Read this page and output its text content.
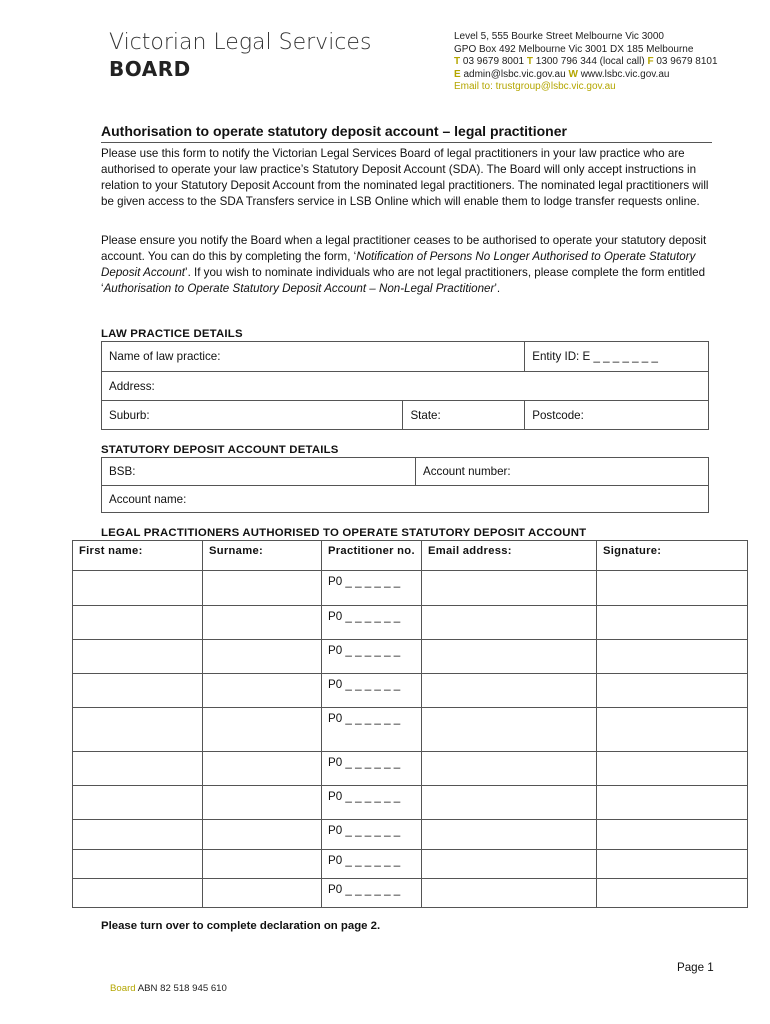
Victorian Legal Services
BOARD
Level 5, 555 Bourke Street Melbourne Vic 3000
GPO Box 492 Melbourne Vic 3001 DX 185 Melbourne
T 03 9679 8001 T 1300 796 344 (local call) F 03 9679 8101
E admin@lsbc.vic.gov.au W www.lsbc.vic.gov.au
Email to: trustgroup@lsbc.vic.gov.au
Authorisation to operate statutory deposit account – legal practitioner
Please use this form to notify the Victorian Legal Services Board of legal practitioners in your law practice who are authorised to operate your law practice’s Statutory Deposit Account (SDA). The Board will only accept instructions in relation to your Statutory Deposit Account from the nominated legal practitioners. The nominated legal practitioners will be given access to the SDA Transfers service in LSB Online which will enable them to lodge transfer requests online.
Please ensure you notify the Board when a legal practitioner ceases to be authorised to operate your statutory deposit account. You can do this by completing the form, ‘Notification of Persons No Longer Authorised to Operate Statutory Deposit Account’. If you wish to nominate individuals who are not legal practitioners, please complete the form entitled ‘Authorisation to Operate Statutory Deposit Account – Non-Legal Practitioner’.
LAW PRACTICE DETAILS
Name of law practice:		Entity ID: E _ _ _ _ _ _ _
Address:		
Suburb:	State:	Postcode:
STATUTORY DEPOSIT ACCOUNT DETAILS
BSB:	Account number:
Account name:
LEGAL PRACTITIONERS AUTHORISED TO OPERATE STATUTORY DEPOSIT ACCOUNT
First name:	Surname:	Practitioner no.	Email address:	Signature:
		P0 _ _ _ _ _ _		
		P0 _ _ _ _ _ _		
		P0 _ _ _ _ _ _		
		P0 _ _ _ _ _ _		
		P0 _ _ _ _ _ _		
		P0 _ _ _ _ _ _		
		P0 _ _ _ _ _ _		
		P0 _ _ _ _ _ _		
		P0 _ _ _ _ _ _		
		P0 _ _ _ _ _ _		
Please turn over to complete declaration on page 2.
Page 1
Board ABN 82 518 945 610
